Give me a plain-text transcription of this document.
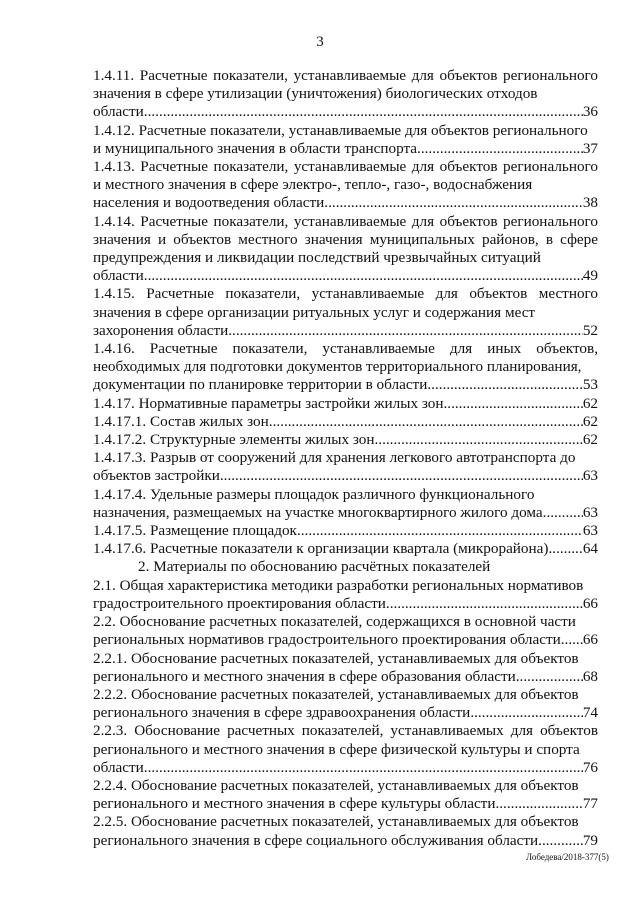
3
1.4.11. Расчетные показатели, устанавливаемые для объектов регионального значения в сфере утилизации (уничтожения) биологических отходов
области .....	36
1.4.12. Расчетные показатели, устанавливаемые для объектов регионального
и муниципального значения в области транспорта .....	37
1.4.13. Расчетные показатели, устанавливаемые для объектов регионального и местного значения в сфере электро-, тепло-, газо-, водоснабжения
населения и водоотведения области .....	38
1.4.14. Расчетные показатели, устанавливаемые для объектов регионального значения и объектов местного значения муниципальных районов, в сфере предупреждения и ликвидации последствий чрезвычайных ситуаций
области .....	49
1.4.15. Расчетные показатели, устанавливаемые для объектов местного значения в сфере организации ритуальных услуг и содержания мест
захоронения области .....	52
1.4.16. Расчетные показатели, устанавливаемые для иных объектов, необходимых для подготовки документов территориального планирования,
документации по планировке территории в области .....	53
1.4.17. Нормативные параметры застройки жилых зон .....	62
1.4.17.1. Состав жилых зон .....	62
1.4.17.2. Структурные элементы жилых зон .....	62
1.4.17.3. Разрыв от сооружений для хранения легкового автотранспорта до
объектов застройки .....	63
1.4.17.4. Удельные размеры площадок различного функционального
назначения, размещаемых на участке многоквартирного жилого дома .....	63
1.4.17.5. Размещение площадок .....	63
1.4.17.6. Расчетные показатели к организации квартала (микрорайона) ..... 64

2. Материалы по обоснованию расчётных показателей

2.1. Общая характеристика методики разработки региональных нормативов
градостроительного проектирования области .....	66
2.2. Обоснование расчетных показателей, содержащихся в основной части
региональных нормативов градостроительного проектирования области ..... 66
2.2.1. Обоснование расчетных показателей, устанавливаемых для объектов
регионального и местного значения в сфере образования области .....	68
2.2.2. Обоснование расчетных показателей, устанавливаемых для объектов
регионального значения в сфере здравоохранения области .....	74
2.2.3. Обоснование расчетных показателей, устанавливаемых для объектов регионального и местного значения в сфере физической культуры и спорта
области .....	76
2.2.4. Обоснование расчетных показателей, устанавливаемых для объектов
регионального и местного значения в сфере культуры области .....	77
2.2.5. Обоснование расчетных показателей, устанавливаемых для объектов
регионального значения в сфере социального обслуживания области .....	79
Лобедева/2018-377(5)
